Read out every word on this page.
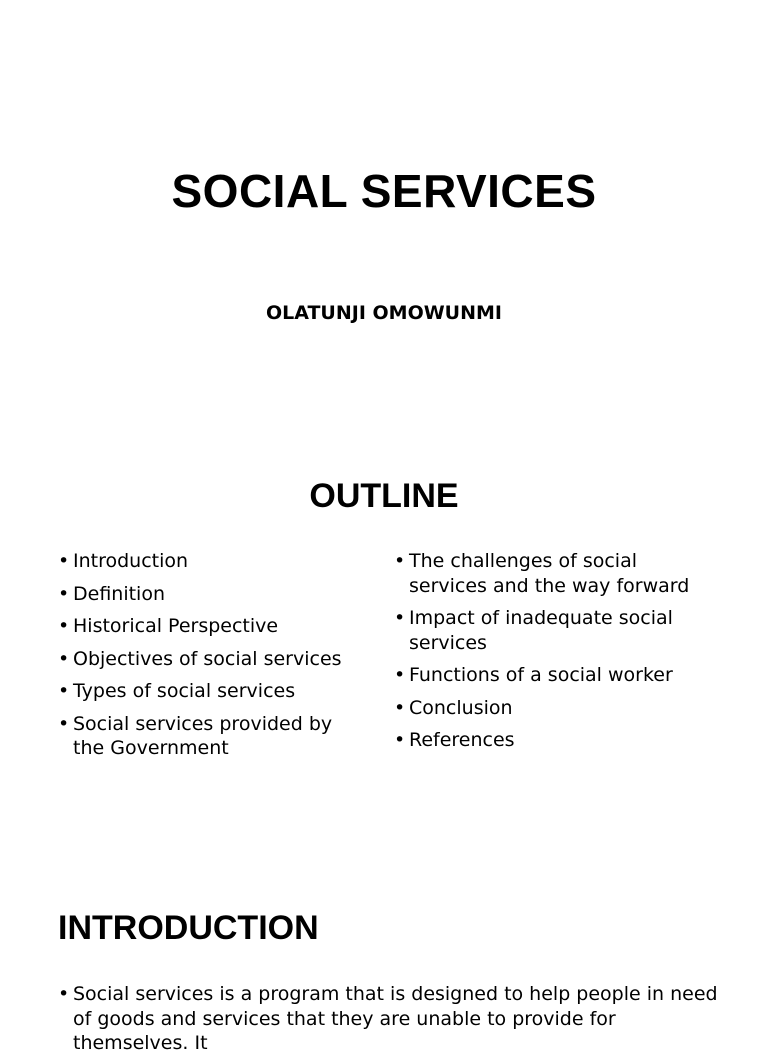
SOCIAL SERVICES

OLATUNJI OMOWUNMI

OUTLINE
• Introduction
• Definition
• Historical Perspective
• Objectives of social services
• Types of social services
• Social services provided by the Government
• The challenges of social services and the way forward
• Impact of inadequate social services
• Functions of a social worker
• Conclusion
• References
INTRODUCTION
• Social services is a program that is designed to help people in need of goods and services that they are unable to provide for themselves. It
